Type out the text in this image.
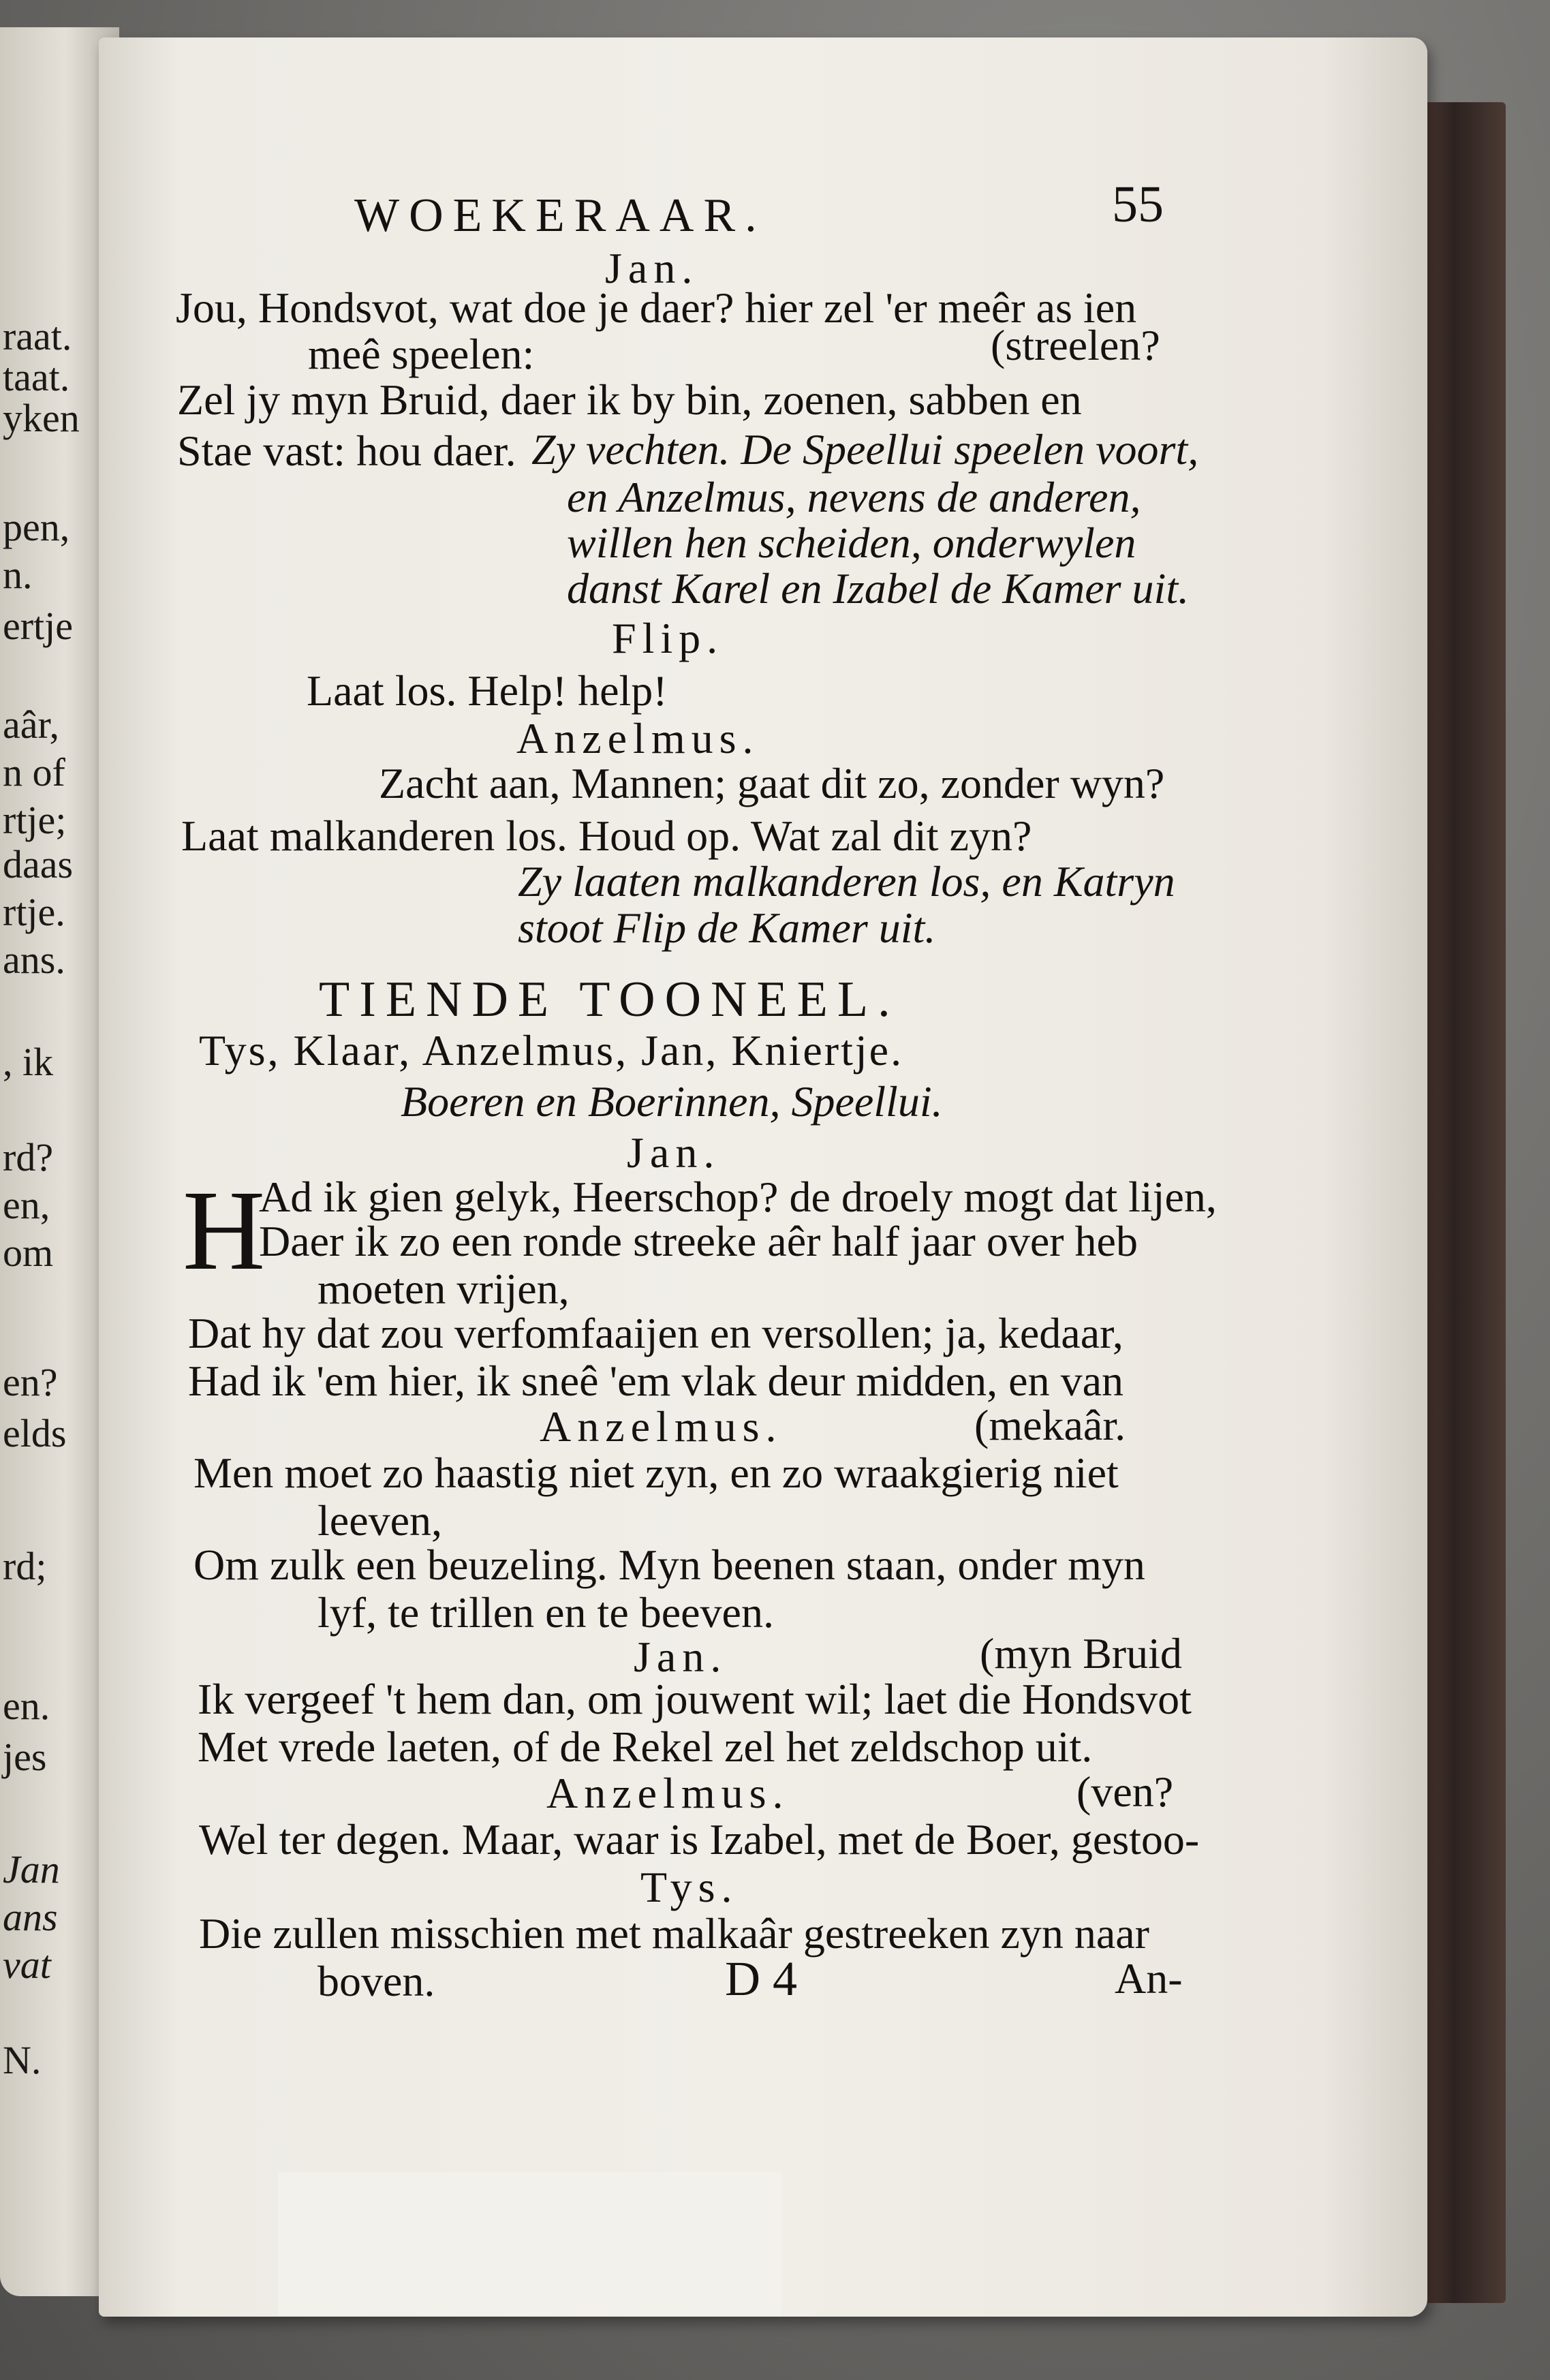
raat.
taat.
yken
pen,
n.
ertje
aâr,
n of
rtje;
daas
rtje.
ans.
, ik
rd?
en,
om
en?
elds
rd;
en.
jes
Jan
ans
vat
N.
WOEKERAAR.	55
Jan.
Jou, Hondsvot, wat doe je daer? hier zel 'er meêr as ien
meê speelen:	(streelen?
Zel jy myn Bruid, daer ik by bin, zoenen, sabben en
Stae vast: hou daer. Zy vechten. De Speellui speelen voort,
en Anzelmus, nevens de anderen,
willen hen scheiden, onderwylen
danst Karel en Izabel de Kamer uit.
Flip.
Laat los. Help! help!
Anzelmus.
Zacht aan, Mannen; gaat dit zo, zonder wyn?
Laat malkanderen los. Houd op. Wat zal dit zyn?
Zy laaten malkanderen los, en Katryn
stoot Flip de Kamer uit.
TIENDE TOONEEL.
Tys, Klaar, Anzelmus, Jan, Kniertje.
Boeren en Boerinnen, Speellui.
Jan.
H
Ad ik gien gelyk, Heerschop? de droely mogt dat lijen,
Daer ik zo een ronde streeke aêr half jaar over heb
moeten vrijen,
Dat hy dat zou verfomfaaijen en versollen; ja, kedaar,
Had ik 'em hier, ik sneê 'em vlak deur midden, en van
Anzelmus.	(mekaâr.
Men moet zo haastig niet zyn, en zo wraakgierig niet
leeven,
Om zulk een beuzeling. Myn beenen staan, onder myn
lyf, te trillen en te beeven.
Jan.	(myn Bruid
Ik vergeef 't hem dan, om jouwent wil; laet die Hondsvot
Met vrede laeten, of de Rekel zel het zeldschop uit.
Anzelmus.	(ven?
Wel ter degen. Maar, waar is Izabel, met de Boer, gestoo-
Tys.
Die zullen misschien met malkaâr gestreeken zyn naar
boven.	D 4	An-
